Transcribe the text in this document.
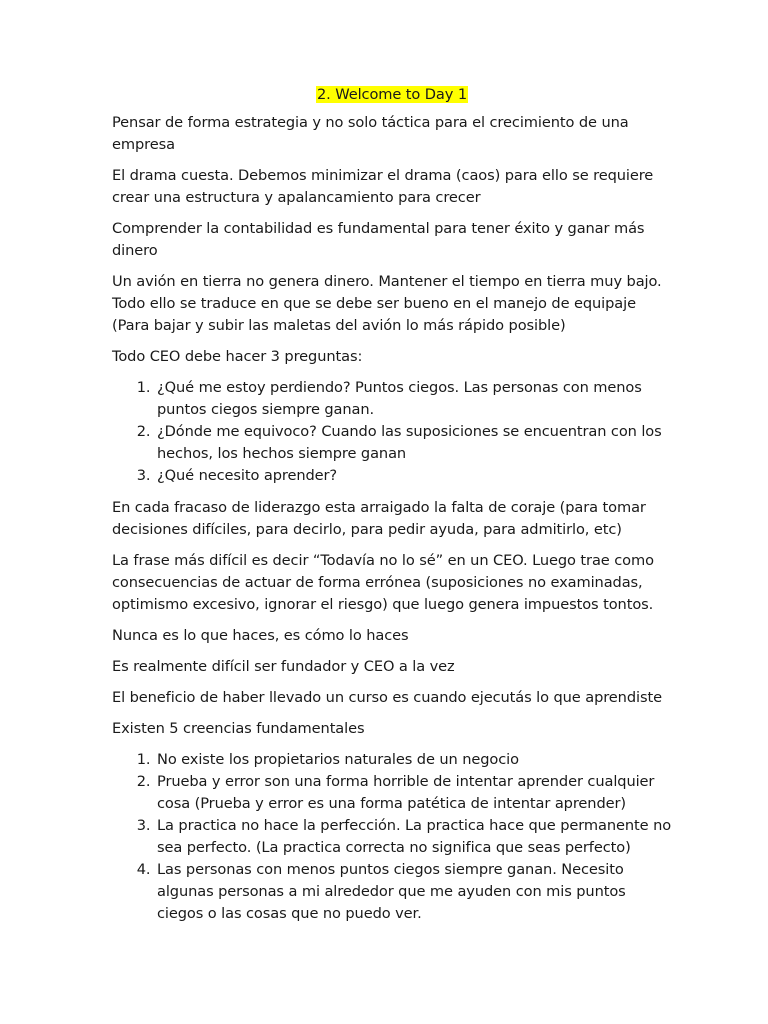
2. Welcome to Day 1

Pensar de forma estrategia y no solo táctica para el crecimiento de una empresa

El drama cuesta. Debemos minimizar el drama (caos) para ello se requiere crear una estructura y apalancamiento para crecer

Comprender la contabilidad es fundamental para tener éxito y ganar más dinero

Un avión en tierra no genera dinero. Mantener el tiempo en tierra muy bajo. Todo ello se traduce en que se debe ser bueno en el manejo de equipaje (Para bajar y subir las maletas del avión lo más rápido posible)

Todo CEO debe hacer 3 preguntas:

1. ¿Qué me estoy perdiendo? Puntos ciegos. Las personas con menos puntos ciegos siempre ganan.
2. ¿Dónde me equivoco? Cuando las suposiciones se encuentran con los hechos, los hechos siempre ganan
3. ¿Qué necesito aprender?

En cada fracaso de liderazgo esta arraigado la falta de coraje (para tomar decisiones difíciles, para decirlo, para pedir ayuda, para admitirlo, etc)

La frase más difícil es decir “Todavía no lo sé” en un CEO. Luego trae como consecuencias de actuar de forma errónea (suposiciones no examinadas, optimismo excesivo, ignorar el riesgo) que luego genera impuestos tontos.

Nunca es lo que haces, es cómo lo haces

Es realmente difícil ser fundador y CEO a la vez

El beneficio de haber llevado un curso es cuando ejecutás lo que aprendiste

Existen 5 creencias fundamentales

1. No existe los propietarios naturales de un negocio
2. Prueba y error son una forma horrible de intentar aprender cualquier cosa (Prueba y error es una forma patética de intentar aprender)
3. La practica no hace la perfección. La practica hace que permanente no sea perfecto. (La practica correcta no significa que seas perfecto)
4. Las personas con menos puntos ciegos siempre ganan. Necesito algunas personas a mi alrededor que me ayuden con mis puntos ciegos o las cosas que no puedo ver.
